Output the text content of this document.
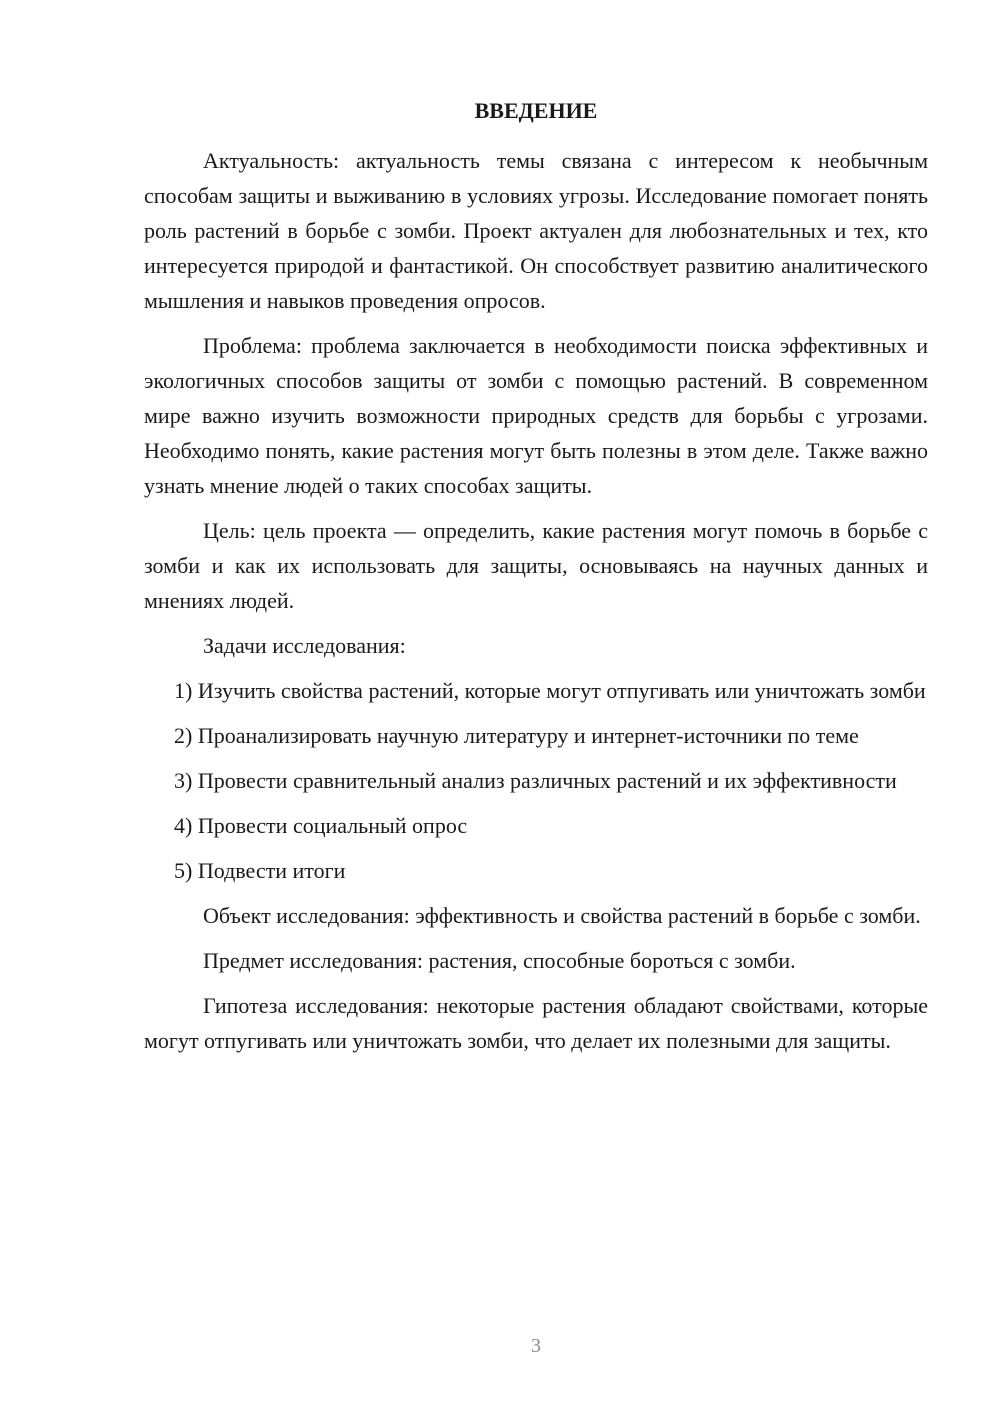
ВВЕДЕНИЕ

Актуальность: актуальность темы связана с интересом к необычным способам защиты и выживанию в условиях угрозы. Исследование помогает понять роль растений в борьбе с зомби. Проект актуален для любознательных и тех, кто интересуется природой и фантастикой. Он способствует развитию аналитического мышления и навыков проведения опросов.

Проблема: проблема заключается в необходимости поиска эффективных и экологичных способов защиты от зомби с помощью растений. В современном мире важно изучить возможности природных средств для борьбы с угрозами. Необходимо понять, какие растения могут быть полезны в этом деле. Также важно узнать мнение людей о таких способах защиты.

Цель: цель проекта — определить, какие растения могут помочь в борьбе с зомби и как их использовать для защиты, основываясь на научных данных и мнениях людей.

Задачи исследования:

1) Изучить свойства растений, которые могут отпугивать или уничтожать зомби

2) Проанализировать научную литературу и интернет-источники по теме

3) Провести сравнительный анализ различных растений и их эффективности

4) Провести социальный опрос

5) Подвести итоги

Объект исследования: эффективность и свойства растений в борьбе с зомби.

Предмет исследования: растения, способные бороться с зомби.

Гипотеза исследования: некоторые растения обладают свойствами, которые могут отпугивать или уничтожать зомби, что делает их полезными для защиты.

3
